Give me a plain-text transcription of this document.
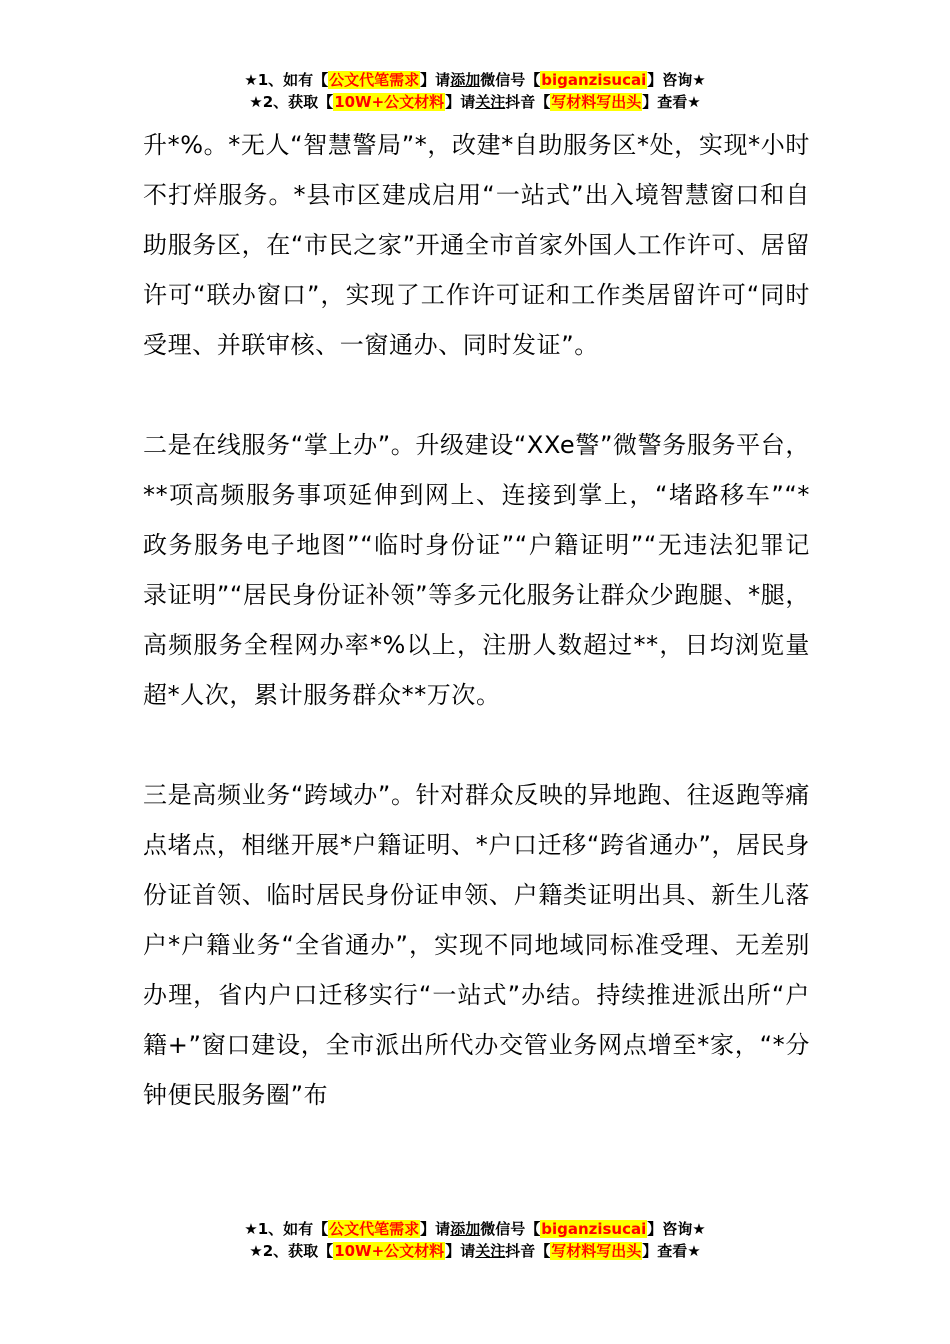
★1、如有【公文代笔需求】请添加微信号【biganzisucai】咨询★
★2、获取【10W+公文材料】请关注抖音【写材料写出头】查看★

升*%。*无人“智慧警局”*，改建*自助服务区*处，实现*小时不打烊服务。*县市区建成启用“一站式”出入境智慧窗口和自助服务区，在“市民之家”开通全市首家外国人工作许可、居留许可“联办窗口”，实现了工作许可证和工作类居留许可“同时受理、并联审核、一窗通办、同时发证”。

二是在线服务“掌上办”。升级建设“XXe警”微警务服务平台，**项高频服务事项延伸到网上、连接到掌上，“堵路移车”“*政务服务电子地图”“临时身份证”“户籍证明”“无违法犯罪记录证明”“居民身份证补领”等多元化服务让群众少跑腿、*腿，高频服务全程网办率*%以上，注册人数超过**，日均浏览量超*人次，累计服务群众**万次。

三是高频业务“跨域办”。针对群众反映的异地跑、往返跑等痛点堵点，相继开展*户籍证明、*户口迁移“跨省通办”，居民身份证首领、临时居民身份证申领、户籍类证明出具、新生儿落户*户籍业务“全省通办”，实现不同地域同标准受理、无差别办理，省内户口迁移实行“一站式”办结。持续推进派出所“户籍+”窗口建设，全市派出所代办交管业务网点增至*家，“*分钟便民服务圈”布

★1、如有【公文代笔需求】请添加微信号【biganzisucai】咨询★
★2、获取【10W+公文材料】请关注抖音【写材料写出头】查看★
